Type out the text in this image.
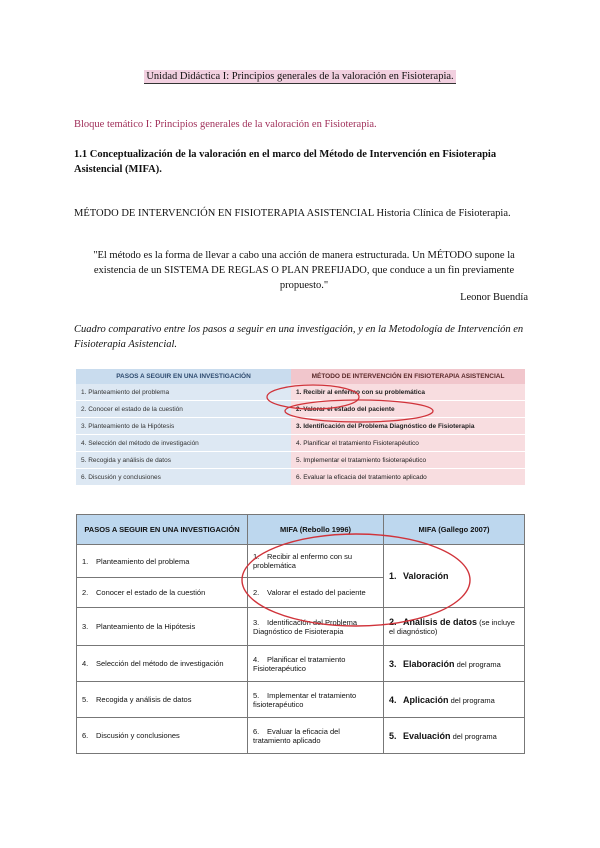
Unidad Didáctica I: Principios generales de la valoración en Fisioterapia.
Bloque temático I: Principios generales de la valoración en Fisioterapia.
1.1 Conceptualización de la valoración en el marco del Método de Intervención en Fisioterapia Asistencial (MIFA).
MÉTODO DE INTERVENCIÓN EN FISIOTERAPIA ASISTENCIAL Historia Clínica de Fisioterapia.
"El método es la forma de llevar a cabo una acción de manera estructurada. Un MÉTODO supone la existencia de un SISTEMA DE REGLAS O PLAN PREFIJADO, que conduce a un fin previamente propuesto."
Leonor Buendía
Cuadro comparativo entre los pasos a seguir en una investigación, y en la Metodología de Intervención en Fisioterapia Asistencial.
PASOS A SEGUIR EN UNA INVESTIGACIÓN	MÉTODO DE INTERVENCIÓN EN FISIOTERAPIA ASISTENCIAL
1. Planteamiento del problema	1. Recibir al enfermo con su problemática
2. Conocer el estado de la cuestión	2. Valorar el estado del paciente
3. Planteamiento de la Hipótesis	3. Identificación del Problema Diagnóstico de Fisioterapia
4. Selección del método de investigación	4. Planificar el tratamiento Fisioterapéutico
5. Recogida y análisis de datos	5. Implementar el tratamiento fisioterapéutico
6. Discusión y conclusiones	6. Evaluar la eficacia del tratamiento aplicado
PASOS A SEGUIR EN UNA INVESTIGACIÓN	MIFA (Rebollo 1996)	MIFA (Gallego 2007)
1. Planteamiento del problema	1. Recibir al enfermo con su problemática	1. Valoración
2. Conocer el estado de la cuestión	2. Valorar el estado del paciente	
3. Planteamiento de la Hipótesis	3. Identificación del Problema Diagnóstico de Fisioterapia	2. Análisis de datos (se incluye el diagnóstico)
4. Selección del método de investigación	4. Planificar el tratamiento Fisioterapéutico	3. Elaboración del programa
5. Recogida y análisis de datos	5. Implementar el tratamiento fisioterapéutico	4. Aplicación del programa
6. Discusión y conclusiones	6. Evaluar la eficacia del tratamiento aplicado	5. Evaluación del programa
